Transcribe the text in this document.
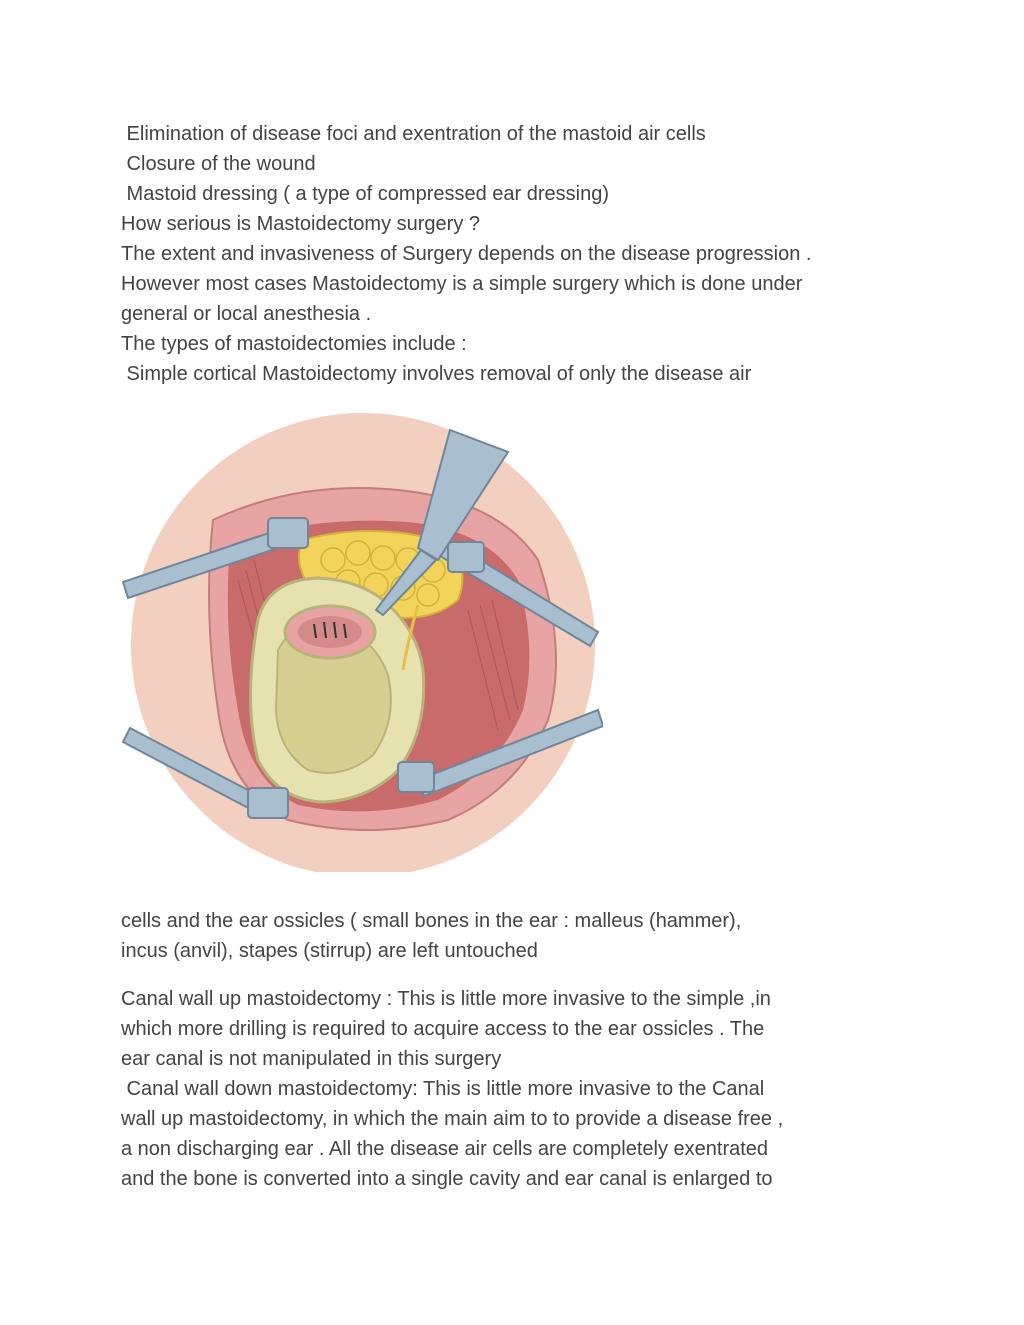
Elimination of disease foci and exentration of the mastoid air cells

Closure of the wound

Mastoid dressing ( a type of compressed ear dressing)

How serious is Mastoidectomy surgery ?

The extent and invasiveness of Surgery depends on the disease progression .

However most cases Mastoidectomy is a simple surgery which is done under

general or local anesthesia .

The types of mastoidectomies include :

Simple cortical Mastoidectomy involves removal of only the disease air

cells and the ear ossicles ( small bones in the ear : malleus (hammer),

incus (anvil), stapes (stirrup) are left untouched

Canal wall up mastoidectomy : This is little more invasive to the simple ,in

which more drilling is required to acquire access to the ear ossicles . The

ear canal is not manipulated in this surgery

Canal wall down mastoidectomy: This is little more invasive to the Canal

wall up mastoidectomy, in which the main aim to to provide a disease free ,

a non discharging ear . All the disease air cells are completely exentrated

and the bone is converted into a single cavity and ear canal is enlarged to
